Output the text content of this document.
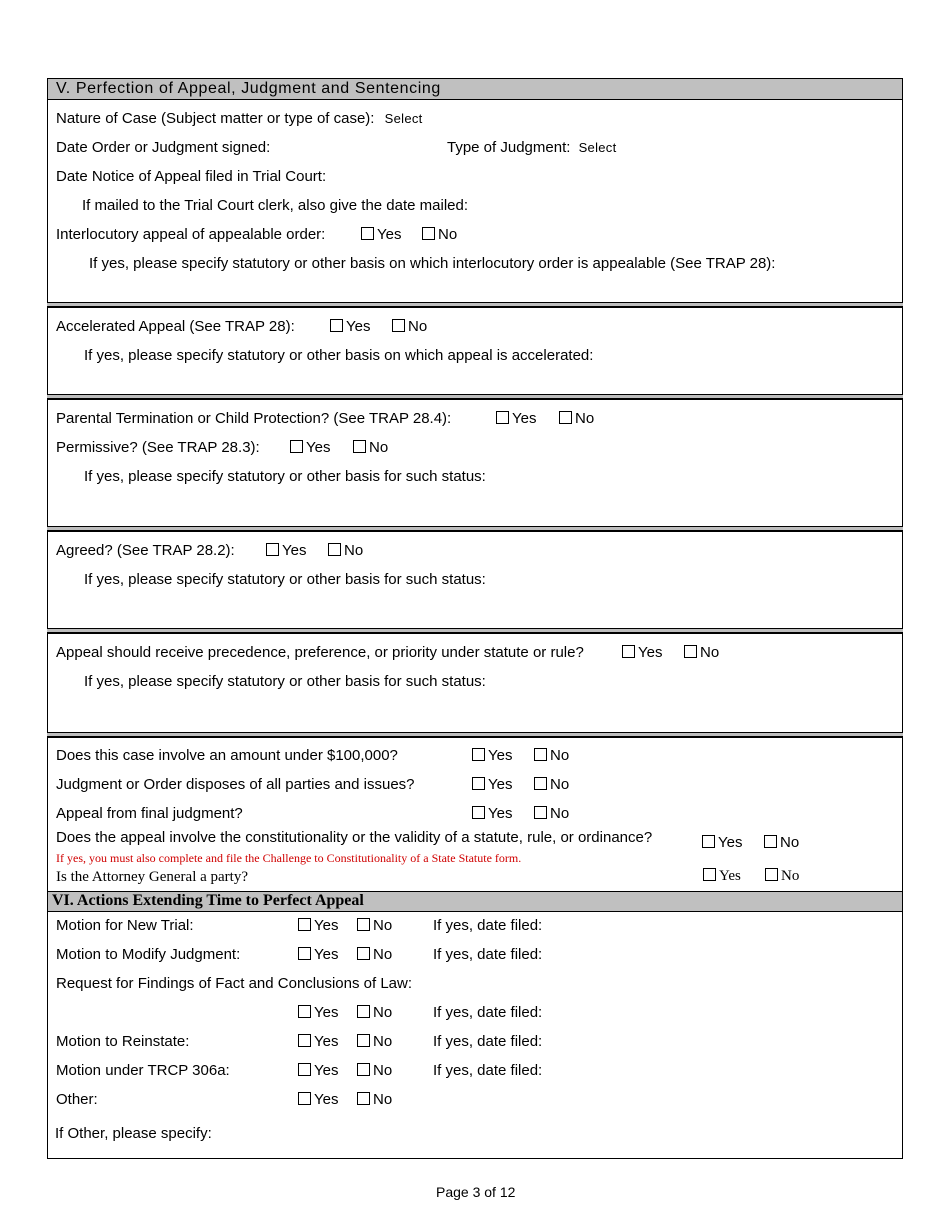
V. Perfection of Appeal, Judgment and Sentencing
Nature of Case (Subject matter or type of case): Select
Date Order or Judgment signed:	Type of Judgment: Select
Date Notice of Appeal filed in Trial Court:
If mailed to the Trial Court clerk, also give the date mailed:
Interlocutory appeal of appealable order:	Yes	No
If yes, please specify statutory or other basis on which interlocutory order is appealable (See TRAP 28):
Accelerated Appeal (See TRAP 28):	Yes	No
If yes, please specify statutory or other basis on which appeal is accelerated:
Parental Termination or Child Protection? (See TRAP 28.4):	Yes	No
Permissive? (See TRAP 28.3):	Yes	No
If yes, please specify statutory or other basis for such status:
Agreed? (See TRAP 28.2):	Yes	No
If yes, please specify statutory or other basis for such status:
Appeal should receive precedence, preference, or priority under statute or rule?	Yes	No
If yes, please specify statutory or other basis for such status:
Does this case involve an amount under $100,000?	Yes	No
Judgment or Order disposes of all parties and issues?	Yes	No
Appeal from final judgment?	Yes	No
Does the appeal involve the constitutionality or the validity of a statute, rule, or ordinance?	Yes	No
If yes, you must also complete and file the Challenge to Constitutionality of a State Statute form.
Is the Attorney General a party?	Yes	No
VI. Actions Extending Time to Perfect Appeal
Motion for New Trial:	Yes	No	If yes, date filed:
Motion to Modify Judgment:	Yes	No	If yes, date filed:
Request for Findings of Fact and Conclusions of Law:
Yes	No	If yes, date filed:
Motion to Reinstate:	Yes	No	If yes, date filed:
Motion under TRCP 306a:	Yes	No	If yes, date filed:
Other:	Yes	No
If Other, please specify:
Page 3 of 12
